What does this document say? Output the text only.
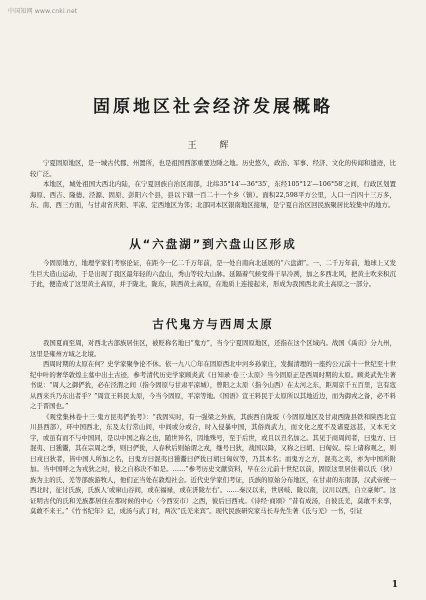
中国知网 www.cnki.net
固原地区社会经济发展概略
王 辉

宁夏固原地区，是一城古代郡、州置所，也是祖国西部重要边陲之地。历史悠久，政治、军事、经济、文化的传闻和遗迹，比较广泛。

本地区，城处祖国大西北内陆，在宁夏回族自治区南部，北纬35°14′—36°35′，东经105°12′—106°58′之间，行政区划置海原、西吉、隆德、泾源、固原、彭阳六个县，县以下辖一百二十一个乡（镇）。面积22,598平方公里，人口一百四十三万多，东、南、西三方面，与甘肃省庆阳、平凉、定西地区为邻；北部同本区银南地区接壤，是宁夏自治区回民族聚居比较集中的地方。

从“六盘湖”到六盘山区形成

今固原地方，地理学家们考察论证，在距今一亿二千万年前，是一处自南向北延展的“六盘湖”。一、二千万年前，地球上又发生巨大造山运动，于是出现了我区最年轻的六盘山，秀山等较大山脉。延隔着气候变得干旱冷冽，加之多西北风，把黄土吹来积沉于此，便造成了这里黄土高原，并于陇北，陇东，陕西黄土高原，在地质上连接起来，形成为我国西北黄土高原之一部分。

古代鬼方与西周太原

我国夏商至周，对西北古部族居住区，被贬称名地曰“鬼方”，当今宁夏固原地区，还指在这个区域内。战国《禹贡》分九州，这里是雍州方域之北境。

西周时期的太原在何？史学家聚争论不休。依一九八〇年在固原西北中河乡孙家庄，发掘清理的一座约公元前十一世纪至十世纪中叶的奢华敦煌主墓中出土古迹，参考清代历史学家顾炎武《日知录·卷三·太原》当今固原正是西周时期的太原。顾炎武先生著书说：“周人之御俨狁，必在泾渭之间（指今固原与甘肃平凉城），曾阳之太原（指今山西）在太河之东，距周京千五百里，岂有寇从西来兵乃东出者乎？”周宣王料民太原，今当今固原，平凉等地。《国语》宣王料民于太原所以其地近边，而为御戎之备，必不料之于晋国也。”

《观堂集林卷十三·鬼方昆夷俨狁考》：“我固实时，有一强梁之外族，其族西自陇坂（今固原地区及甘肃西陇县铁和陕西北宜川县西部），环中国西北，东及太行常山间，中间或分或合，时入侵暴中国，其俗尚武力，而文化之度不及诸夏远甚，又本无文字，或虽有而不与中国同，是以中国之称之也，随世异名，因地殊号，至于后世，或且以丑名加之。其见于商周间者，曰鬼方、曰混夷、曰獯鬻，其在宗周之季，则曰俨狁，人春秋后则始谓之戎，继号曰狄，战国以降，又称之曰胡、曰匈奴。综上诸称观之，则曰戎曰狄者，皆中国人所加之名，曰鬼方曰混夷曰獯鬻曰俨狁曰胡曰匈奴等，乃其本名；而鬼方之方，混夷之夷，亦为中国所附加。当中国呼之为戎狄之时，彼之自称决不如是。……”参考历史文献资料，早在公元前十世纪以前，固原这里居住着以氏（狄）族为主的氏、羌等部族游牧人，他们正当处在敦煌社会。近代史学家们考证，氏族的原始分布地区，在甘肃的东南部，汉武帝统一西北时，征讨氏族，氏族人‘或窜山谷间，或在福禄，或在汧陇左右’。……秦汉以来，世居岐、陇以南，汉川以西，自立豪帅”。这证明古代的氏和羌族都居住在那时候的中心（今西安市）之西，彼后曰西戎。《诗经·商颂》“昔有成汤，自彼氐羌，莫敢不来享，莫敢不来王。”《竹书纪年》记，成汤与武丁时，两次“氐羌来宾”。现代民族研究家马长寿先生著《氐与羌》一书，引证

1
